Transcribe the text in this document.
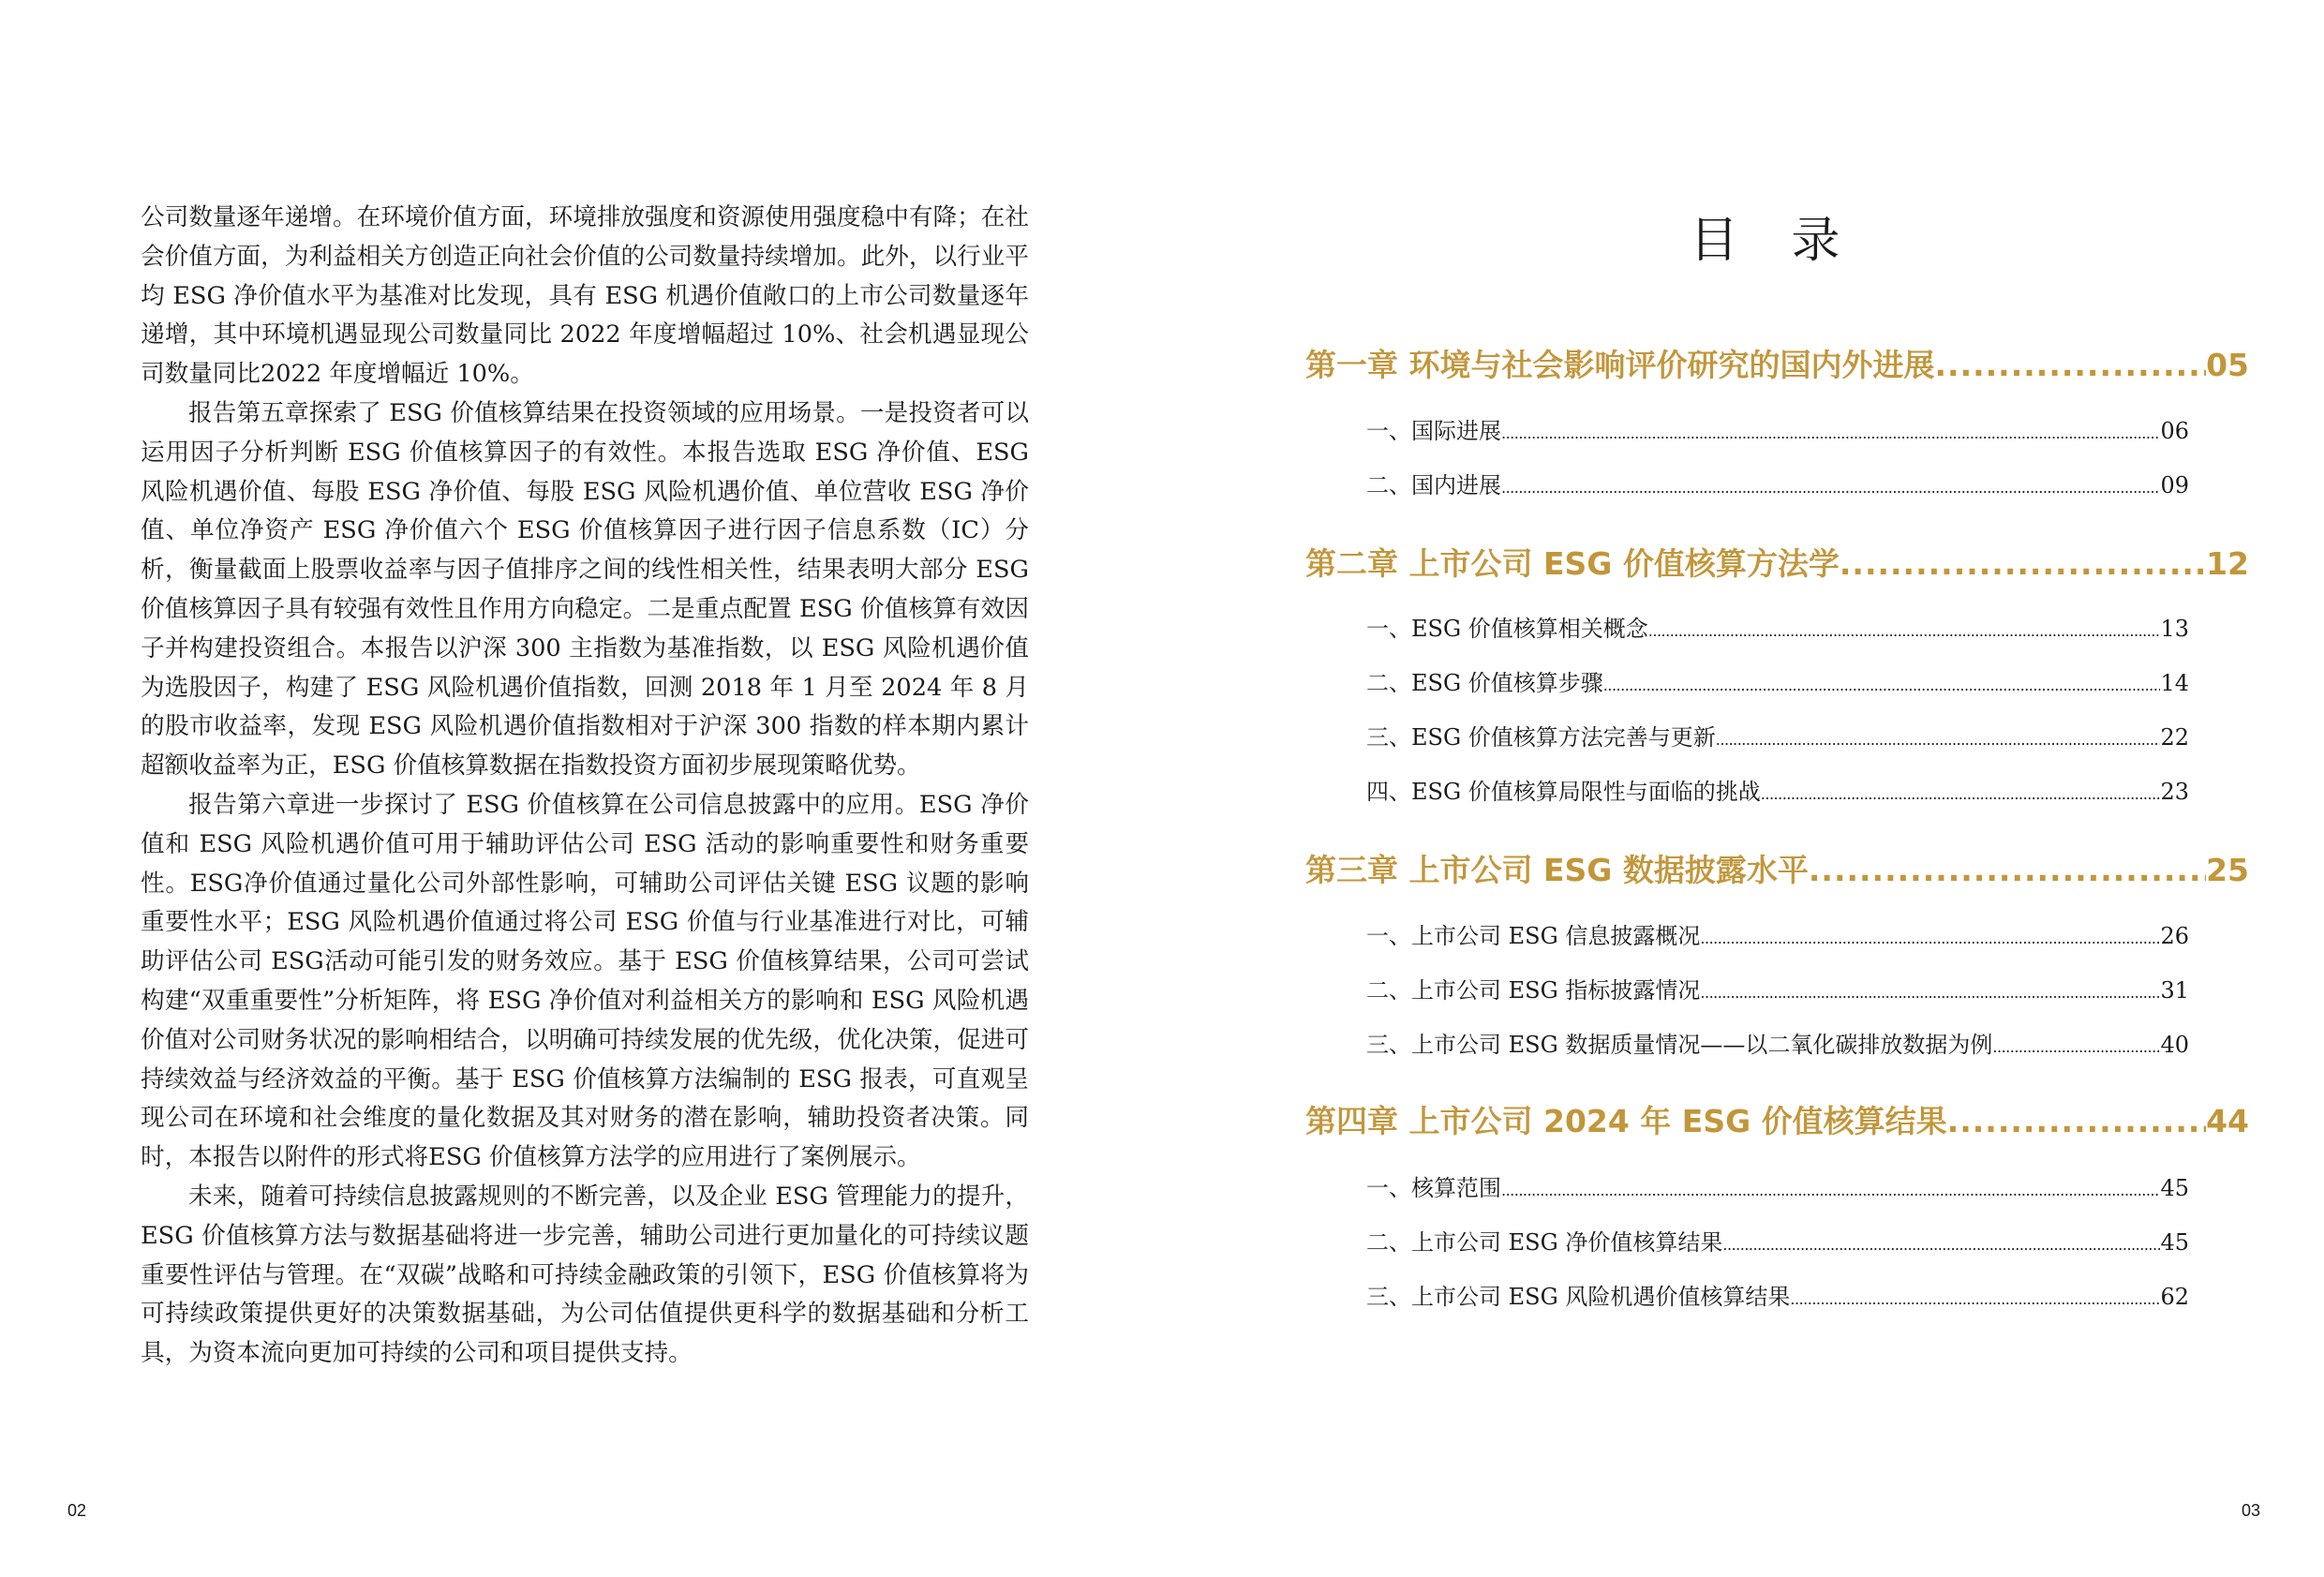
公司数量逐年递增。在环境价值方面，环境排放强度和资源使用强度稳中有降；在社会价值方面，为利益相关方创造正向社会价值的公司数量持续增加。此外，以行业平均 ESG 净价值水平为基准对比发现，具有 ESG 机遇价值敞口的上市公司数量逐年递增，其中环境机遇显现公司数量同比 2022 年度增幅超过 10%、社会机遇显现公司数量同比2022 年度增幅近 10%。

报告第五章探索了 ESG 价值核算结果在投资领域的应用场景。一是投资者可以运用因子分析判断 ESG 价值核算因子的有效性。本报告选取 ESG 净价值、ESG 风险机遇价值、每股 ESG 净价值、每股 ESG 风险机遇价值、单位营收 ESG 净价值、单位净资产 ESG 净价值六个 ESG 价值核算因子进行因子信息系数（IC）分析，衡量截面上股票收益率与因子值排序之间的线性相关性，结果表明大部分 ESG 价值核算因子具有较强有效性且作用方向稳定。二是重点配置 ESG 价值核算有效因子并构建投资组合。本报告以沪深 300 主指数为基准指数，以 ESG 风险机遇价值为选股因子，构建了 ESG 风险机遇价值指数，回测 2018 年 1 月至 2024 年 8 月的股市收益率，发现 ESG 风险机遇价值指数相对于沪深 300 指数的样本期内累计超额收益率为正，ESG 价值核算数据在指数投资方面初步展现策略优势。

报告第六章进一步探讨了 ESG 价值核算在公司信息披露中的应用。ESG 净价值和 ESG 风险机遇价值可用于辅助评估公司 ESG 活动的影响重要性和财务重要性。ESG净价值通过量化公司外部性影响，可辅助公司评估关键 ESG 议题的影响重要性水平；ESG 风险机遇价值通过将公司 ESG 价值与行业基准进行对比，可辅助评估公司 ESG活动可能引发的财务效应。基于 ESG 价值核算结果，公司可尝试构建“双重重要性”分析矩阵，将 ESG 净价值对利益相关方的影响和 ESG 风险机遇价值对公司财务状况的影响相结合，以明确可持续发展的优先级，优化决策，促进可持续效益与经济效益的平衡。基于 ESG 价值核算方法编制的 ESG 报表，可直观呈现公司在环境和社会维度的量化数据及其对财务的潜在影响，辅助投资者决策。同时，本报告以附件的形式将ESG 价值核算方法学的应用进行了案例展示。

未来，随着可持续信息披露规则的不断完善，以及企业 ESG 管理能力的提升，ESG 价值核算方法与数据基础将进一步完善，辅助公司进行更加量化的可持续议题重要性评估与管理。在“双碳”战略和可持续金融政策的引领下，ESG 价值核算将为可持续政策提供更好的决策数据基础，为公司估值提供更科学的数据基础和分析工具，为资本流向更加可持续的公司和项目提供支持。

02
目 录
第一章 环境与社会影响评价研究的国内外进展 .....	05
一、国际进展 .....	06
二、国内进展 .....	09
第二章 上市公司 ESG 价值核算方法学 .....	12
一、ESG 价值核算相关概念 .....	13
二、ESG 价值核算步骤 .....	14
三、ESG 价值核算方法完善与更新 .....	22
四、ESG 价值核算局限性与面临的挑战 .....	23
第三章 上市公司 ESG 数据披露水平 .....	25
一、上市公司 ESG 信息披露概况 .....	26
二、上市公司 ESG 指标披露情况 .....	31
三、上市公司 ESG 数据质量情况——以二氧化碳排放数据为例 .....	40
第四章 上市公司 2024 年 ESG 价值核算结果 .....	44
一、核算范围 .....	45
二、上市公司 ESG 净价值核算结果 .....	45
三、上市公司 ESG 风险机遇价值核算结果 .....	62
03
